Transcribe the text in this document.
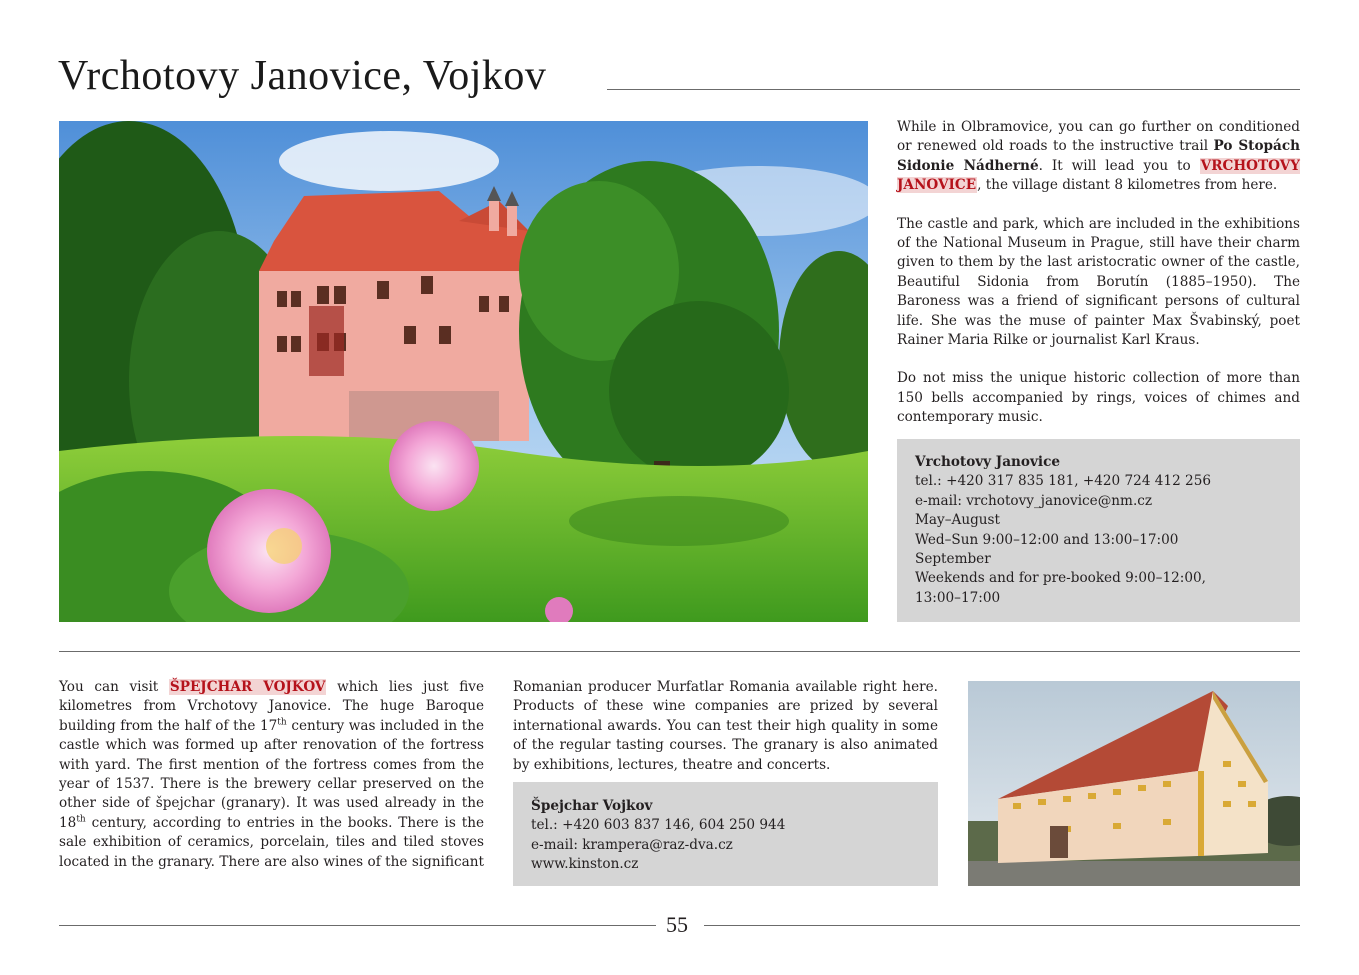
Vrchotovy Janovice, Vojkov

While in Olbramovice, you can go further on conditioned or renewed old roads to the instructive trail Po Stopách Sidonie Nádherné. It will lead you to VRCHOTOVY JANOVICE, the village distant 8 kilometres from here.

The castle and park, which are included in the exhibitions of the National Museum in Prague, still have their charm given to them by the last aristocratic owner of the castle, Beautiful Sidonia from Borutín (1885–1950). The Baroness was a friend of significant persons of cultural life. She was the muse of painter Max Švabinský, poet Rainer Maria Rilke or journalist Karl Kraus.

Do not miss the unique historic collection of more than 150 bells accompanied by rings, voices of chimes and contemporary music.

Vrchotovy Janovice
tel.: +420 317 835 181, +420 724 412 256
e-mail: vrchotovy_janovice@nm.cz
May–August
Wed–Sun 9:00–12:00 and 13:00–17:00
September
Weekends and for pre-booked 9:00–12:00,
13:00–17:00
You can visit ŠPEJCHAR VOJKOV which lies just five kilometres from Vrchotovy Janovice. The huge Baroque building from the half of the 17th century was included in the castle which was formed up after renovation of the fortress with yard. The first mention of the fortress comes from the year of 1537. There is the brewery cellar preserved on the other side of špejchar (granary). It was used already in the 18th century, according to entries in the books. There is the sale exhibition of ceramics, porcelain, tiles and tiled stoves located in the granary. There are also wines of the significant Romanian producer Murfatlar Romania available right here. Products of these wine companies are prized by several international awards. You can test their high quality in some of the regular tasting courses. The granary is also animated by exhibitions, lectures, theatre and concerts.
Špejchar Vojkov
tel.: +420 603 837 146, 604 250 944
e-mail: krampera@raz-dva.cz
www.kinston.cz
55
